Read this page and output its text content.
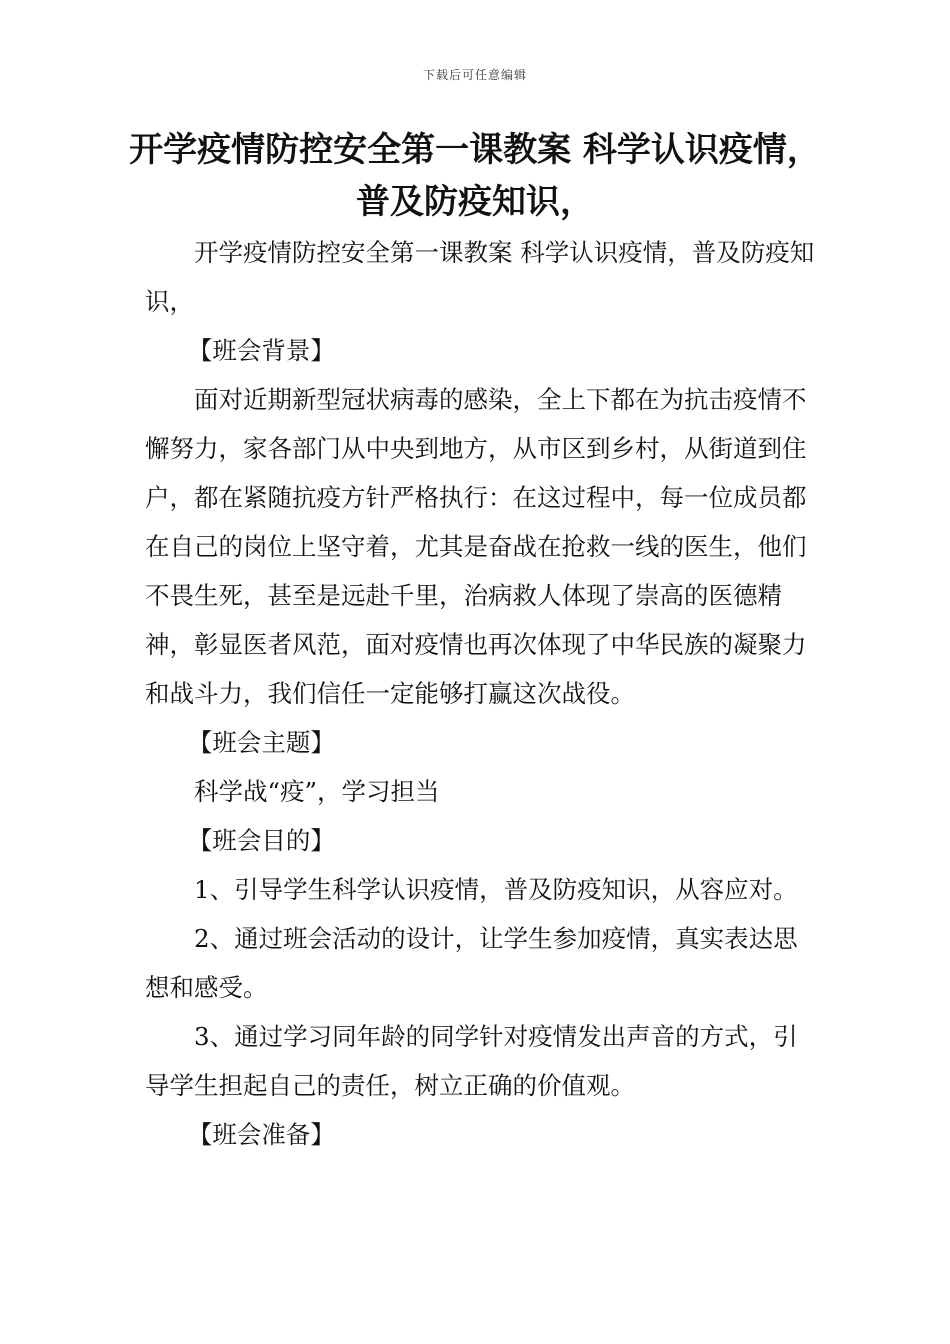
下载后可任意编辑
开学疫情防控安全第一课教案 科学认识疫情，普及防疫知识，

开学疫情防控安全第一课教案 科学认识疫情，普及防疫知识，

【班会背景】

面对近期新型冠状病毒的感染，全上下都在为抗击疫情不懈努力，家各部门从中央到地方，从市区到乡村，从街道到住户，都在紧随抗疫方针严格执行：在这过程中，每一位成员都在自己的岗位上坚守着，尤其是奋战在抢救一线的医生，他们不畏生死，甚至是远赴千里，治病救人体现了崇高的医德精神，彰显医者风范，面对疫情也再次体现了中华民族的凝聚力和战斗力，我们信任一定能够打赢这次战役。

【班会主题】

科学战“疫”，学习担当

【班会目的】

1、引导学生科学认识疫情，普及防疫知识，从容应对。

2、通过班会活动的设计，让学生参加疫情，真实表达思想和感受。

3、通过学习同年龄的同学针对疫情发出声音的方式，引导学生担起自己的责任，树立正确的价值观。

【班会准备】
